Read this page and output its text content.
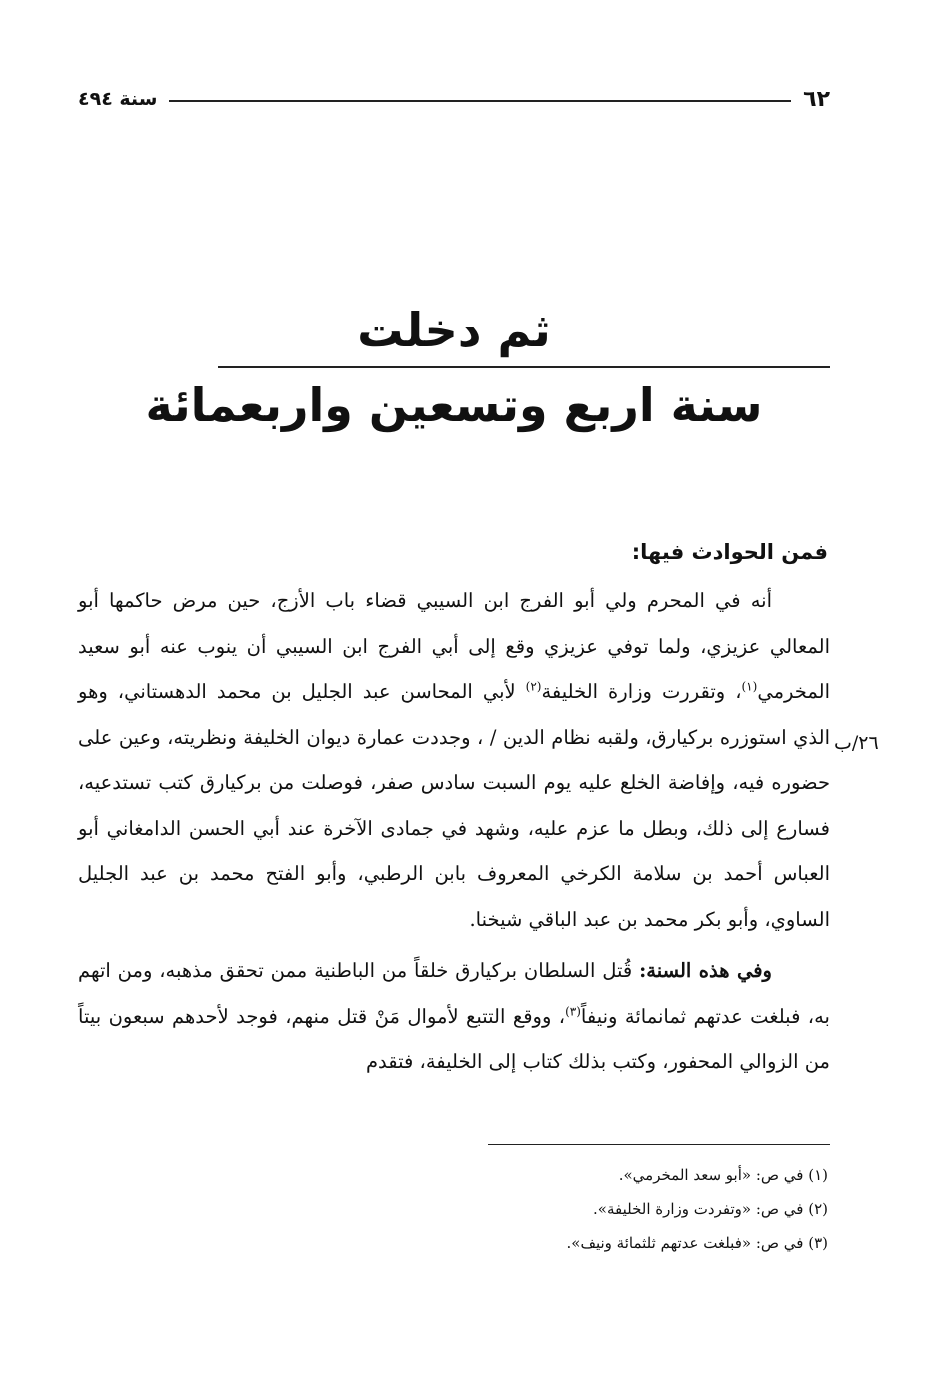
٦٢
سنة ٤٩٤
ثم دخلت
سنة اربع وتسعين واربعمائة
فمن الحوادث فيها:
٢٦/ب

أنه في المحرم ولي أبو الفرج ابن السيبي قضاء باب الأزج، حين مرض حاكمها أبو المعالي عزيزي، ولما توفي عزيزي وقع إلى أبي الفرج ابن السيبي أن ينوب عنه أبو سعيد المخرمي$^{(١)}$، وتقررت وزارة الخليفة$^{(٢)}$ لأبي المحاسن عبد الجليل بن محمد الدهستاني، وهو الذي استوزره بركيارق، ولقبه نظام الدين / ، وجددت عمارة ديوان الخليفة ونظريته، وعين على حضوره فيه، وإفاضة الخلع عليه يوم السبت سادس صفر، فوصلت من بركيارق كتب تستدعيه، فسارع إلى ذلك، وبطل ما عزم عليه، وشهد في جمادى الآخرة عند أبي الحسن الدامغاني أبو العباس أحمد بن سلامة الكرخي المعروف بابن الرطبي، وأبو الفتح محمد بن عبد الجليل الساوي، وأبو بكر محمد بن عبد الباقي شيخنا.

وفي هذه السنة: قُتل السلطان بركيارق خلقاً من الباطنية ممن تحقق مذهبه، ومن اتهم به، فبلغت عدتهم ثمانمائة ونيفاً$^{(٣)}$، ووقع التتبع لأموال مَنْ قتل منهم، فوجد لأحدهم سبعون بيتاً من الزوالي المحفور، وكتب بذلك كتاب إلى الخليفة، فتقدم

(١) في ص: «أبو سعد المخرمي».
(٢) في ص: «وتفردت وزارة الخليفة».
(٣) في ص: «فبلغت عدتهم ثلثمائة ونيف».
